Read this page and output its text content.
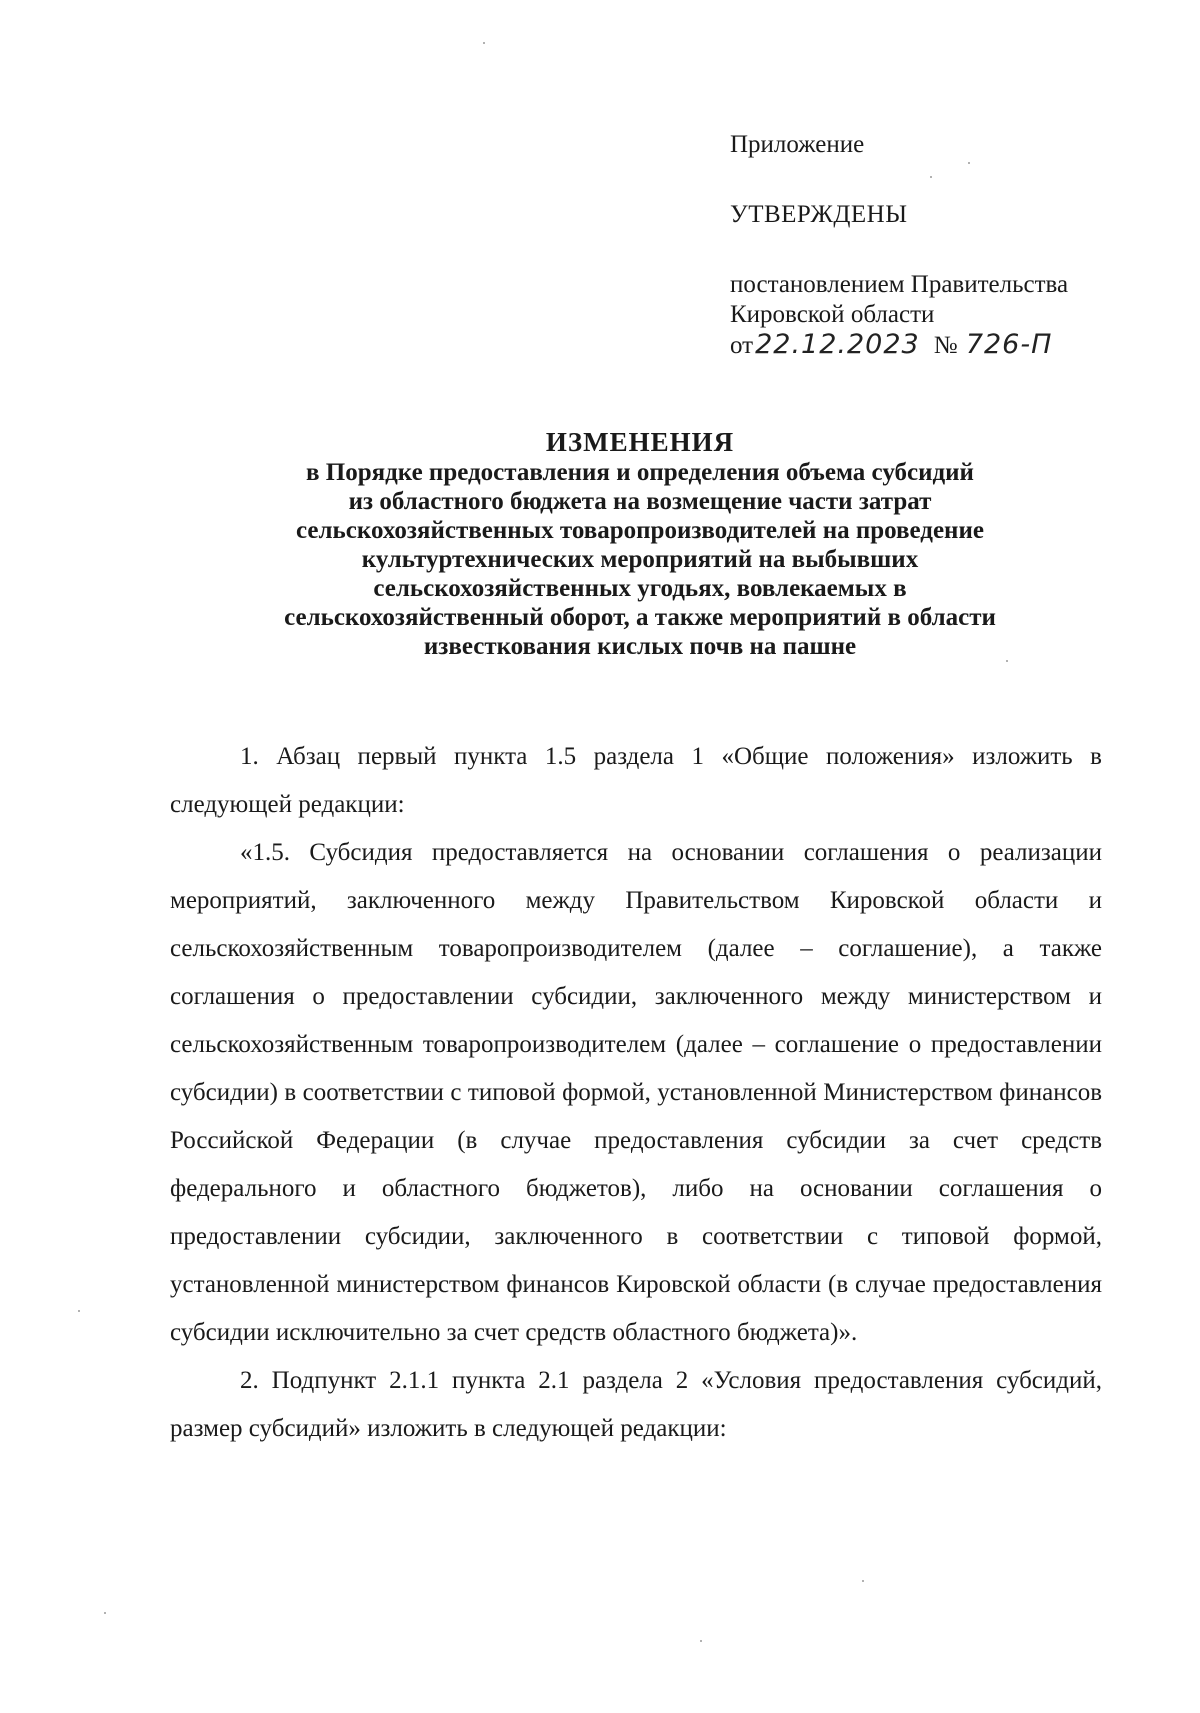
Приложение
УТВЕРЖДЕНЫ
постановлением Правительства
Кировской области
от22.12.2023 № 726-П
ИЗМЕНЕНИЯ
в Порядке предоставления и определения объема субсидий
из областного бюджета на возмещение части затрат
сельскохозяйственных товаропроизводителей на проведение
культуртехнических мероприятий на выбывших
сельскохозяйственных угодьях, вовлекаемых в
сельскохозяйственный оборот, а также мероприятий в области
известкования кислых почв на пашне

1. Абзац первый пункта 1.5 раздела 1 «Общие положения» изложить в следующей редакции:

«1.5. Субсидия предоставляется на основании соглашения о реализации мероприятий, заключенного между Правительством Кировской области и сельскохозяйственным товаропроизводителем (далее – соглашение), а также соглашения о предоставлении субсидии, заключенного между министерством и сельскохозяйственным товаропроизводителем (далее – соглашение о предоставлении субсидии) в соответствии с типовой формой, установленной Министерством финансов Российской Федерации (в случае предоставления субсидии за счет средств федерального и областного бюджетов), либо на основании соглашения о предоставлении субсидии, заключенного в соответствии с типовой формой, установленной министерством финансов Кировской области (в случае предоставления субсидии исключительно за счет средств областного бюджета)».

2. Подпункт 2.1.1 пункта 2.1 раздела 2 «Условия предоставления субсидий, размер субсидий» изложить в следующей редакции:
